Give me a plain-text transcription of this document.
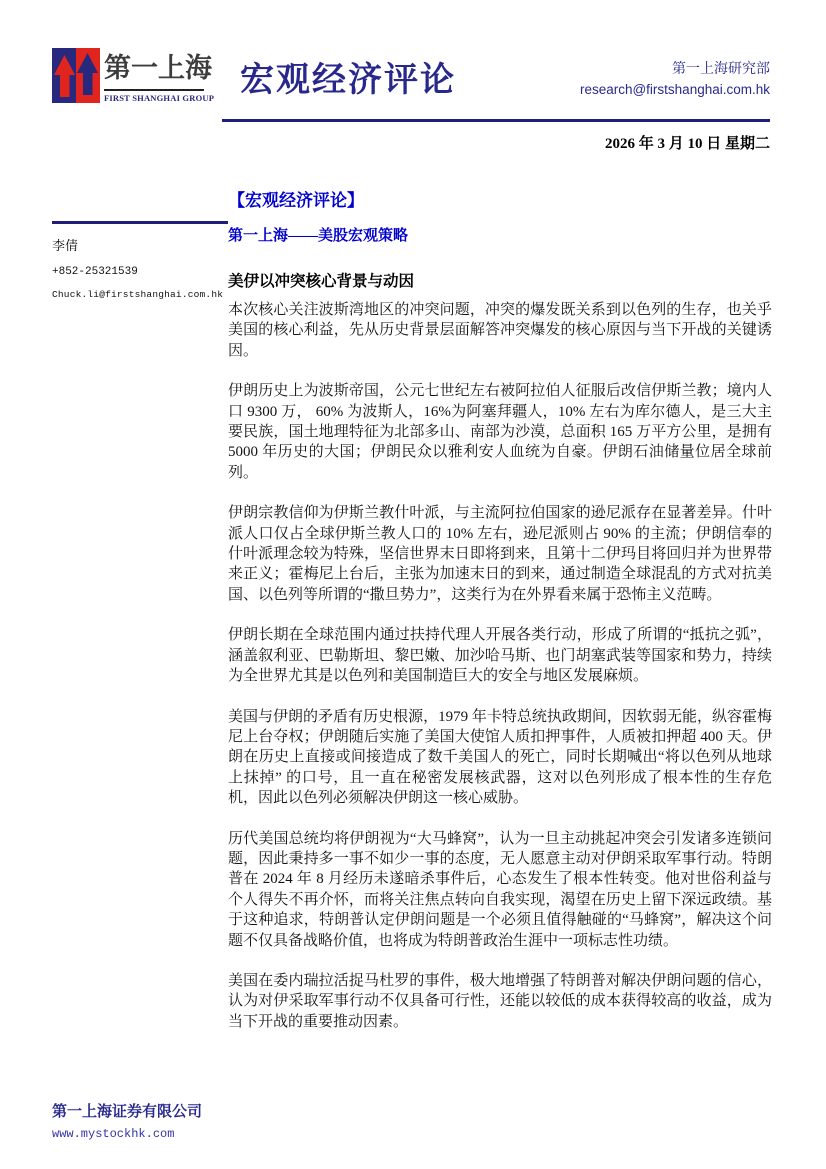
第一上海
FIRST SHANGHAI GROUP 宏观经济评论	第一上海研究部
research@firstshanghai.com.hk
2026 年 3 月 10 日 星期二
李倩
+852-25321539
Chuck.li@firstshanghai.com.hk
【宏观经济评论】
第一上海——美股宏观策略
美伊以冲突核心背景与动因

本次核心关注波斯湾地区的冲突问题，冲突的爆发既关系到以色列的生存，也关乎美国的核心利益，先从历史背景层面解答冲突爆发的核心原因与当下开战的关键诱因。

伊朗历史上为波斯帝国，公元七世纪左右被阿拉伯人征服后改信伊斯兰教；境内人口 9300 万， 60% 为波斯人，16%为阿塞拜疆人，10% 左右为库尔德人，是三大主要民族，国土地理特征为北部多山、南部为沙漠，总面积 165 万平方公里，是拥有 5000 年历史的大国；伊朗民众以雅利安人血统为自豪。伊朗石油储量位居全球前列。

伊朗宗教信仰为伊斯兰教什叶派，与主流阿拉伯国家的逊尼派存在显著差异。什叶派人口仅占全球伊斯兰教人口的 10% 左右，逊尼派则占 90% 的主流；伊朗信奉的什叶派理念较为特殊，坚信世界末日即将到来，且第十二伊玛目将回归并为世界带来正义；霍梅尼上台后，主张为加速末日的到来，通过制造全球混乱的方式对抗美国、以色列等所谓的“撒旦势力”，这类行为在外界看来属于恐怖主义范畴。

伊朗长期在全球范围内通过扶持代理人开展各类行动，形成了所谓的“抵抗之弧”，涵盖叙利亚、巴勒斯坦、黎巴嫩、加沙哈马斯、也门胡塞武装等国家和势力，持续为全世界尤其是以色列和美国制造巨大的安全与地区发展麻烦。

美国与伊朗的矛盾有历史根源，1979 年卡特总统执政期间，因软弱无能，纵容霍梅尼上台夺权；伊朗随后实施了美国大使馆人质扣押事件，人质被扣押超 400 天。伊朗在历史上直接或间接造成了数千美国人的死亡，同时长期喊出“将以色列从地球上抹掉” 的口号，且一直在秘密发展核武器，这对以色列形成了根本性的生存危机，因此以色列必须解决伊朗这一核心威胁。

历代美国总统均将伊朗视为“大马蜂窝”，认为一旦主动挑起冲突会引发诸多连锁问题，因此秉持多一事不如少一事的态度，无人愿意主动对伊朗采取军事行动。特朗普在 2024 年 8 月经历未遂暗杀事件后，心态发生了根本性转变。他对世俗利益与个人得失不再介怀，而将关注焦点转向自我实现，渴望在历史上留下深远政绩。基于这种追求，特朗普认定伊朗问题是一个必须且值得触碰的“马蜂窝”，解决这个问题不仅具备战略价值，也将成为特朗普政治生涯中一项标志性功绩。

美国在委内瑞拉活捉马杜罗的事件，极大地增强了特朗普对解决伊朗问题的信心，认为对伊采取军事行动不仅具备可行性，还能以较低的成本获得较高的收益，成为当下开战的重要推动因素。

第一上海证券有限公司
www.mystockhk.com
